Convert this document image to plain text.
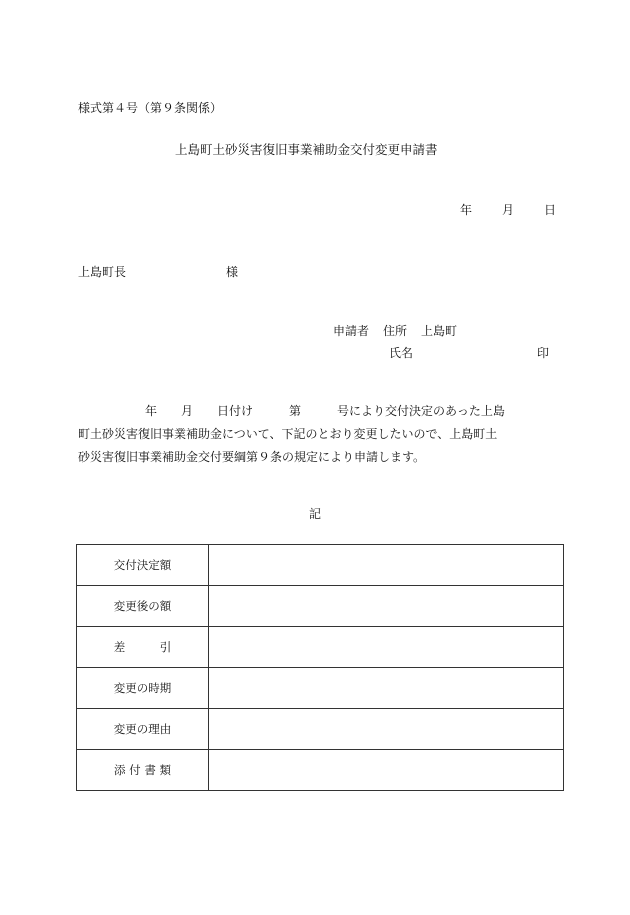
様式第４号（第９条関係）
上島町土砂災害復旧事業補助金交付変更申請書
年	月	日
上島町長	様
申請者 住所 上島町
氏名	印
年　　月　　日付け　　　第　　　号により交付決定のあった上島
町土砂災害復旧事業補助金について、下記のとおり変更したいので、上島町土
砂災害復旧事業補助金交付要綱第９条の規定により申請します。
記
交付決定額	
変更後の額	
差　　　引	
変更の時期	
変更の理由	
添 付 書 類	
